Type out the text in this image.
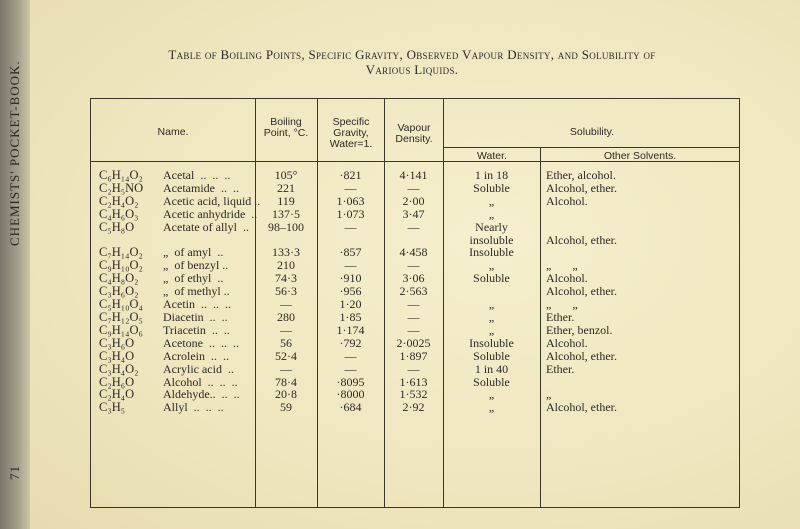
71
CHEMISTS' POCKET-BOOK.
Table of Boiling Points, Specific Gravity, Observed Vapour Density, and Solubility of
Various Liquids.
Name.
Boiling Point, °C.
Specific Gravity, Water=1.
Vapour Density.
Solubility.
Water.	Other Solvents.
C₆H₁₄O₂
C₂H₅NO
C₂H₄O₂
C₄H₆O₃
C₅H₈O

C₇H₁₄O₂
C₉H₁₀O₂
C₄H₈O₂
C₃H₆O₂
C₅H₁₀O₄
C₇H₁₂O₅
C₉H₁₄O₆
C₃H₆O
C₃H₄O
C₃H₄O₂
C₂H₆O
C₂H₄O
C₃H₅
Acetal  ..  ..  ..
Acetamide  ..  ..
Acetic acid, liquid ..
Acetic anhydride  ..
Acetate of allyl  ..

„  of amyl  ..
„  of benzyl ..
„  of ethyl  ..
„  of methyl ..
Acetin  ..  ..  ..
Diacetin  ..  ..
Triacetin  ..  ..
Acetone  ..  ..  ..
Acrolein  ..  ..
Acrylic acid  ..
Alcohol  ..  ..  ..
Aldehyde..  ..  ..
Allyl  ..  ..  ..
105°
221
119
137·5
98–100

133·3
210
74·3
56·3
—
280
—
56
52·4
—
78·4
20·8
59
·821
—
1·063
1·073
—

·857
—
·910
·956
1·20
1·85
1·174
·792
—
—
·8095
·8000
·684
4·141
—
2·00
3·47
—

4·458
—
3·06
2·563
—
—
—
2·0025
1·897
—
1·613
1·532
2·92
1 in 18
Soluble
„
„
Nearly
insoluble
Insoluble
„
Soluble

„
„
„
Insoluble
Soluble
1 in 40
Soluble
„
„
Ether, alcohol.
Alcohol, ether.
Alcohol.

Alcohol, ether.

„       „
Alcohol.
Alcohol, ether.
„       „
Ether.
Ether, benzol.
Alcohol.
Alcohol, ether.
Ether.

„
Alcohol, ether.
